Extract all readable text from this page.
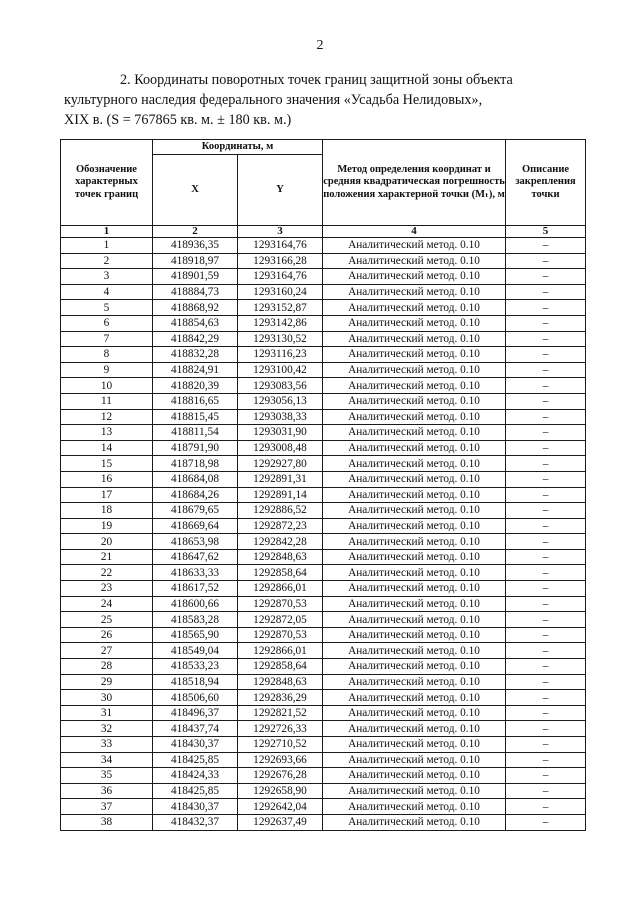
2

2. Координаты поворотных точек границ защитной зоны объекта

культурного наследия федерального значения «Усадьба Нелидовых»,

XIX в. (S = 767865 кв. м. ± 180 кв. м.)

Обозначение характерных точек границ	Координаты, м		Метод определения координат и средняя квадратическая погрешность положения характерной точки (Mₜ), м	Описание закрепления точки
	X	Y		
1	2	3	4	5
1	418936,35	1293164,76	Аналитический метод. 0.10	–
2	418918,97	1293166,28	Аналитический метод. 0.10	–
3	418901,59	1293164,76	Аналитический метод. 0.10	–
4	418884,73	1293160,24	Аналитический метод. 0.10	–
5	418868,92	1293152,87	Аналитический метод. 0.10	–
6	418854,63	1293142,86	Аналитический метод. 0.10	–
7	418842,29	1293130,52	Аналитический метод. 0.10	–
8	418832,28	1293116,23	Аналитический метод. 0.10	–
9	418824,91	1293100,42	Аналитический метод. 0.10	–
10	418820,39	1293083,56	Аналитический метод. 0.10	–
11	418816,65	1293056,13	Аналитический метод. 0.10	–
12	418815,45	1293038,33	Аналитический метод. 0.10	–
13	418811,54	1293031,90	Аналитический метод. 0.10	–
14	418791,90	1293008,48	Аналитический метод. 0.10	–
15	418718,98	1292927,80	Аналитический метод. 0.10	–
16	418684,08	1292891,31	Аналитический метод. 0.10	–
17	418684,26	1292891,14	Аналитический метод. 0.10	–
18	418679,65	1292886,52	Аналитический метод. 0.10	–
19	418669,64	1292872,23	Аналитический метод. 0.10	–
20	418653,98	1292842,28	Аналитический метод. 0.10	–
21	418647,62	1292848,63	Аналитический метод. 0.10	–
22	418633,33	1292858,64	Аналитический метод. 0.10	–
23	418617,52	1292866,01	Аналитический метод. 0.10	–
24	418600,66	1292870,53	Аналитический метод. 0.10	–
25	418583,28	1292872,05	Аналитический метод. 0.10	–
26	418565,90	1292870,53	Аналитический метод. 0.10	–
27	418549,04	1292866,01	Аналитический метод. 0.10	–
28	418533,23	1292858,64	Аналитический метод. 0.10	–
29	418518,94	1292848,63	Аналитический метод. 0.10	–
30	418506,60	1292836,29	Аналитический метод. 0.10	–
31	418496,37	1292821,52	Аналитический метод. 0.10	–
32	418437,74	1292726,33	Аналитический метод. 0.10	–
33	418430,37	1292710,52	Аналитический метод. 0.10	–
34	418425,85	1292693,66	Аналитический метод. 0.10	–
35	418424,33	1292676,28	Аналитический метод. 0.10	–
36	418425,85	1292658,90	Аналитический метод. 0.10	–
37	418430,37	1292642,04	Аналитический метод. 0.10	–
38	418432,37	1292637,49	Аналитический метод. 0.10	–
